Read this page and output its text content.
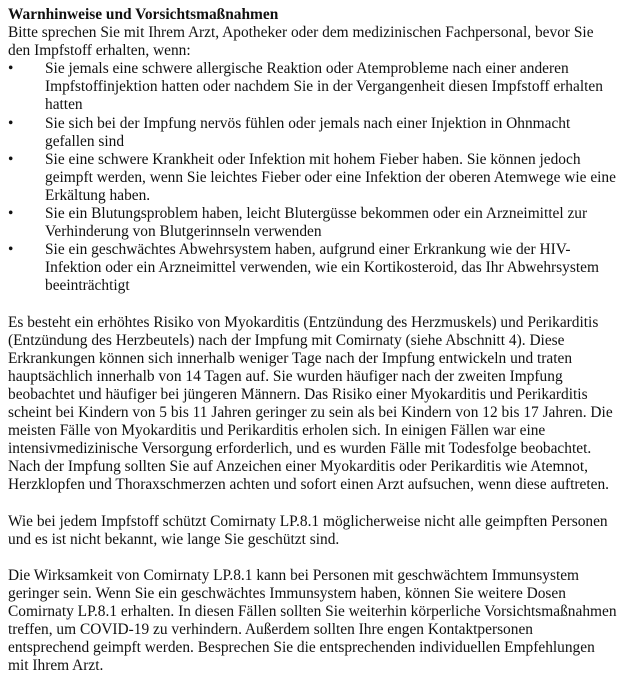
Warnhinweise und Vorsichtsmaßnahmen

Bitte sprechen Sie mit Ihrem Arzt, Apotheker oder dem medizinischen Fachpersonal, bevor Sie den Impfstoff erhalten, wenn:

• Sie jemals eine schwere allergische Reaktion oder Atemprobleme nach einer anderen Impfstoffinjektion hatten oder nachdem Sie in der Vergangenheit diesen Impfstoff erhalten hatten
• Sie sich bei der Impfung nervös fühlen oder jemals nach einer Injektion in Ohnmacht gefallen sind
• Sie eine schwere Krankheit oder Infektion mit hohem Fieber haben. Sie können jedoch geimpft werden, wenn Sie leichtes Fieber oder eine Infektion der oberen Atemwege wie eine Erkältung haben.
• Sie ein Blutungsproblem haben, leicht Blutergüsse bekommen oder ein Arzneimittel zur Verhinderung von Blutgerinnseln verwenden
• Sie ein geschwächtes Abwehrsystem haben, aufgrund einer Erkrankung wie der HIV-Infektion oder ein Arzneimittel verwenden, wie ein Kortikosteroid, das Ihr Abwehrsystem beeinträchtigt

Es besteht ein erhöhtes Risiko von Myokarditis (Entzündung des Herzmuskels) und Perikarditis (Entzündung des Herzbeutels) nach der Impfung mit Comirnaty (siehe Abschnitt 4). Diese Erkrankungen können sich innerhalb weniger Tage nach der Impfung entwickeln und traten hauptsächlich innerhalb von 14 Tagen auf. Sie wurden häufiger nach der zweiten Impfung beobachtet und häufiger bei jüngeren Männern. Das Risiko einer Myokarditis und Perikarditis scheint bei Kindern von 5 bis 11 Jahren geringer zu sein als bei Kindern von 12 bis 17 Jahren. Die meisten Fälle von Myokarditis und Perikarditis erholen sich. In einigen Fällen war eine intensivmedizinische Versorgung erforderlich, und es wurden Fälle mit Todesfolge beobachtet. Nach der Impfung sollten Sie auf Anzeichen einer Myokarditis oder Perikarditis wie Atemnot, Herzklopfen und Thoraxschmerzen achten und sofort einen Arzt aufsuchen, wenn diese auftreten.

Wie bei jedem Impfstoff schützt Comirnaty LP.8.1 möglicherweise nicht alle geimpften Personen und es ist nicht bekannt, wie lange Sie geschützt sind.

Die Wirksamkeit von Comirnaty LP.8.1 kann bei Personen mit geschwächtem Immunsystem geringer sein. Wenn Sie ein geschwächtes Immunsystem haben, können Sie weitere Dosen Comirnaty LP.8.1 erhalten. In diesen Fällen sollten Sie weiterhin körperliche Vorsichtsmaßnahmen treffen, um COVID-19 zu verhindern. Außerdem sollten Ihre engen Kontaktpersonen entsprechend geimpft werden. Besprechen Sie die entsprechenden individuellen Empfehlungen mit Ihrem Arzt.
